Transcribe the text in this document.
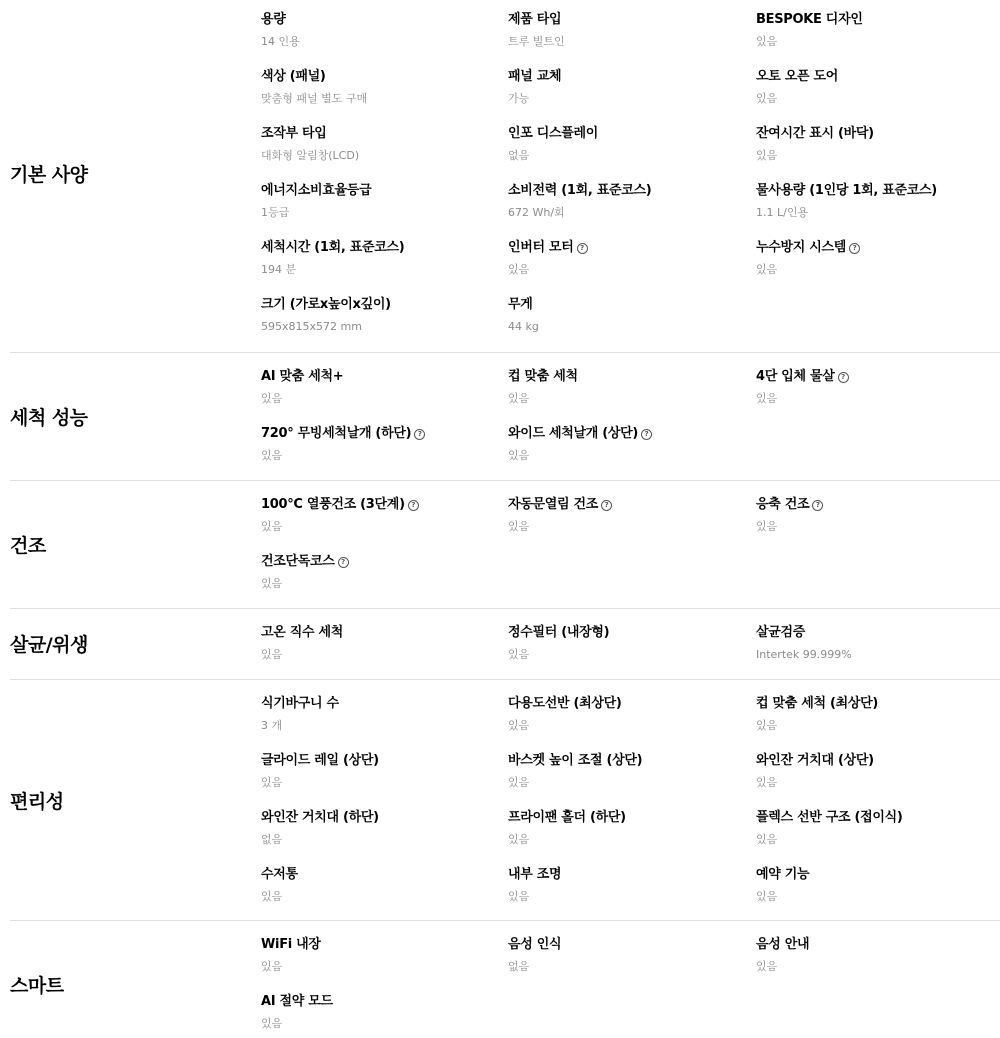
기본 사양
용량
14 인용
제품 타입
트루 빌트인
BESPOKE 디자인
있음
색상 (패널)
맞춤형 패널 별도 구매
패널 교체
가능
오토 오픈 도어
있음
조작부 타입
대화형 알림창(LCD)
인포 디스플레이
없음
잔여시간 표시 (바닥)
있음
에너지소비효율등급
1등급
소비전력 (1회, 표준코스)
672 Wh/회
물사용량 (1인당 1회, 표준코스)
1.1 L/인용
세척시간 (1회, 표준코스)
194 분
인버터 모터 ?
있음
누수방지 시스템 ?
있음
크기 (가로x높이x깊이)
595x815x572 mm
무게
44 kg
세척 성능
AI 맞춤 세척+
있음
컵 맞춤 세척
있음
4단 입체 물살 ?
있음
720° 무빙세척날개 (하단) ?
있음
와이드 세척날개 (상단) ?
있음
건조
100°C 열풍건조 (3단계) ?
있음
자동문열림 건조 ?
있음
응축 건조 ?
있음
건조단독코스 ?
있음
살균/위생
고온 직수 세척
있음
정수필터 (내장형)
있음
살균검증
Intertek 99.999%
편리성
식기바구니 수
3 개
다용도선반 (최상단)
있음
컵 맞춤 세척 (최상단)
있음
글라이드 레일 (상단)
있음
바스켓 높이 조절 (상단)
있음
와인잔 거치대 (상단)
있음
와인잔 거치대 (하단)
없음
프라이팬 홀더 (하단)
있음
플렉스 선반 구조 (접이식)
있음
수저통
있음
내부 조명
있음
예약 기능
있음
스마트
WiFi 내장
있음
음성 인식
없음
음성 안내
있음
AI 절약 모드
있음
